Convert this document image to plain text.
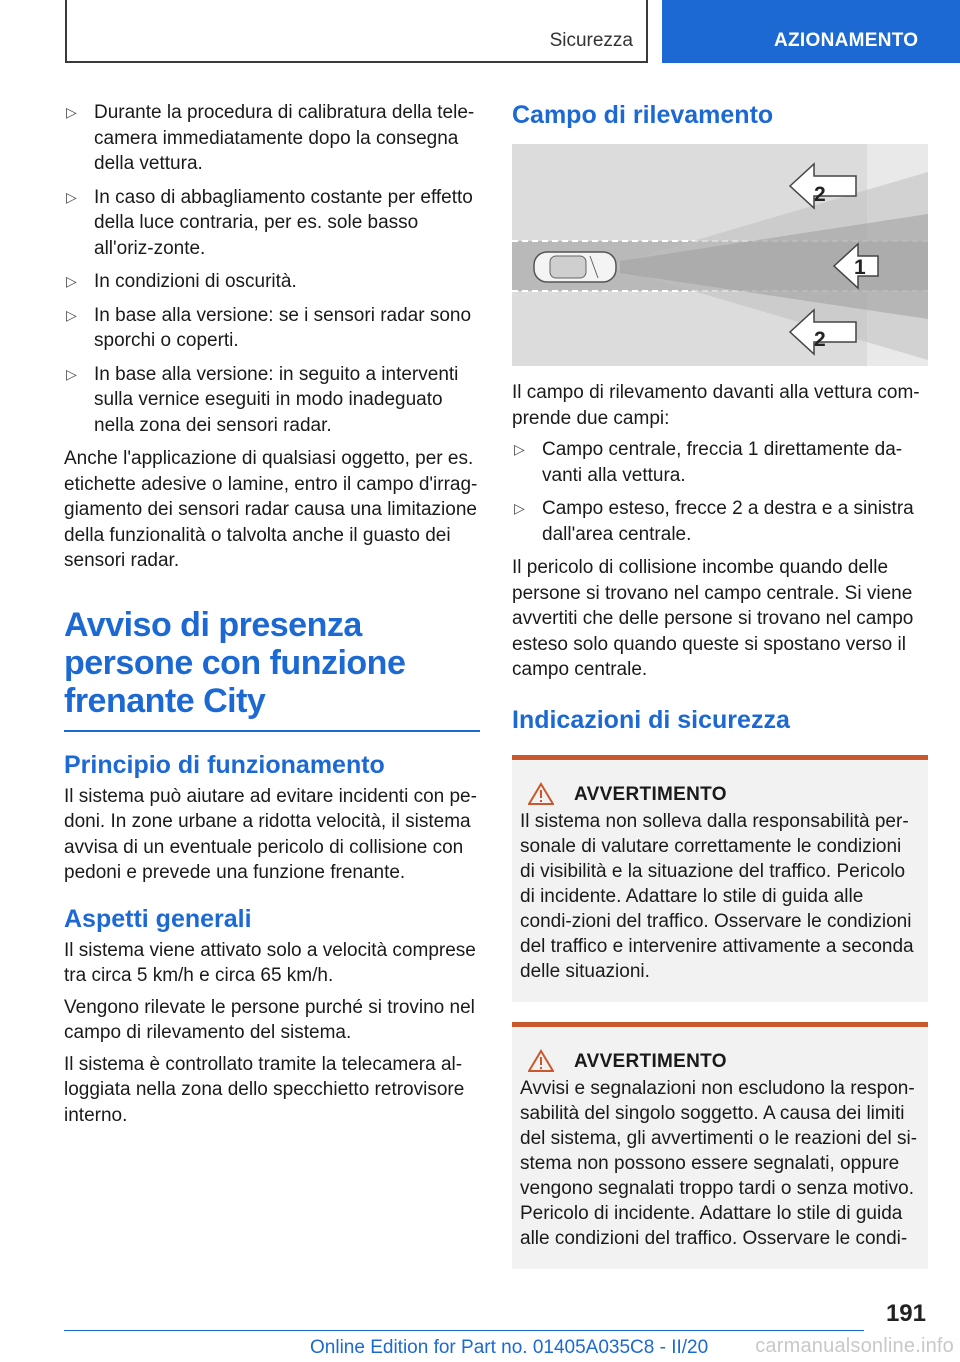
Sicurezza	AZIONAMENTO
▷ Durante la procedura di calibratura della tele-camera immediatamente dopo la consegna della vettura.
▷ In caso di abbagliamento costante per effetto della luce contraria, per es. sole basso all'oriz-zonte.
▷ In condizioni di oscurità.
▷ In base alla versione: se i sensori radar sono sporchi o coperti.
▷ In base alla versione: in seguito a interventi sulla vernice eseguiti in modo inadeguato nella zona dei sensori radar.

Anche l'applicazione di qualsiasi oggetto, per es. etichette adesive o lamine, entro il campo d'irrag-giamento dei sensori radar causa una limitazione della funzionalità o talvolta anche il guasto dei sensori radar.

Avviso di presenza persone con funzione frenante City
Principio di funzionamento

Il sistema può aiutare ad evitare incidenti con pe-doni. In zone urbane a ridotta velocità, il sistema avvisa di un eventuale pericolo di collisione con pedoni e prevede una funzione frenante.

Aspetti generali

Il sistema viene attivato solo a velocità comprese tra circa 5 km/h e circa 65 km/h.

Vengono rilevate le persone purché si trovino nel campo di rilevamento del sistema.

Il sistema è controllato tramite la telecamera al-loggiata nella zona dello specchietto retrovisore interno.

Campo di rilevamento
2
1
2

Il campo di rilevamento davanti alla vettura com-prende due campi:

▷ Campo centrale, freccia 1 direttamente da-vanti alla vettura.
▷ Campo esteso, frecce 2 a destra e a sinistra dall'area centrale.

Il pericolo di collisione incombe quando delle persone si trovano nel campo centrale. Si viene avvertiti che delle persone si trovano nel campo esteso solo quando queste si spostano verso il campo centrale.

Indicazioni di sicurezza
AVVERTIMENTO

Il sistema non solleva dalla responsabilità per-sonale di valutare correttamente le condizioni di visibilità e la situazione del traffico. Pericolo di incidente. Adattare lo stile di guida alle condi-zioni del traffico. Osservare le condizioni del traffico e intervenire attivamente a seconda delle situazioni.

AVVERTIMENTO

Avvisi e segnalazioni non escludono la respon-sabilità del singolo soggetto. A causa dei limiti del sistema, gli avvertimenti o le reazioni del si-stema non possono essere segnalati, oppure vengono segnalati troppo tardi o senza motivo. Pericolo di incidente. Adattare lo stile di guida alle condizioni del traffico. Osservare le condi-

191
Online Edition for Part no. 01405A035C8 - II/20 carmanualsonline.info
